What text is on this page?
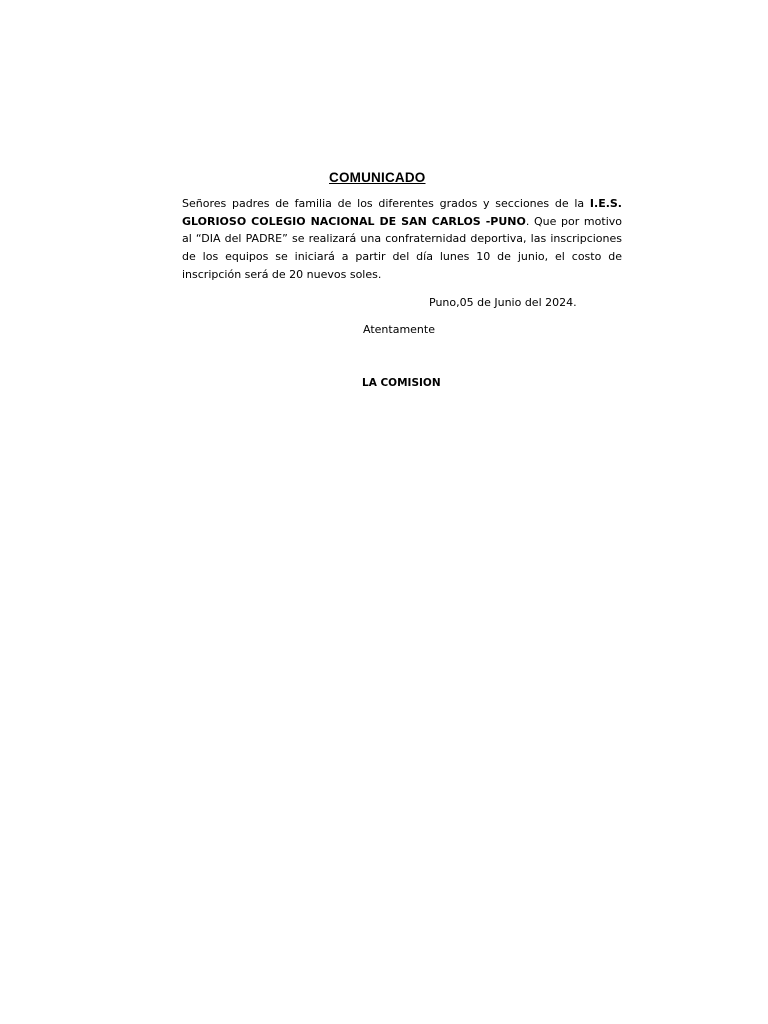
COMUNICADO
Señores padres de familia de los diferentes grados y secciones de la I.E.S. GLORIOSO COLEGIO NACIONAL DE SAN CARLOS -PUNO. Que por motivo al “DIA del PADRE” se realizará una confraternidad deportiva, las inscripciones de los equipos se iniciará a partir del día lunes 10 de junio, el costo de inscripción será de 20 nuevos soles.
Puno,05 de Junio del 2024.
Atentamente
LA COMISION
